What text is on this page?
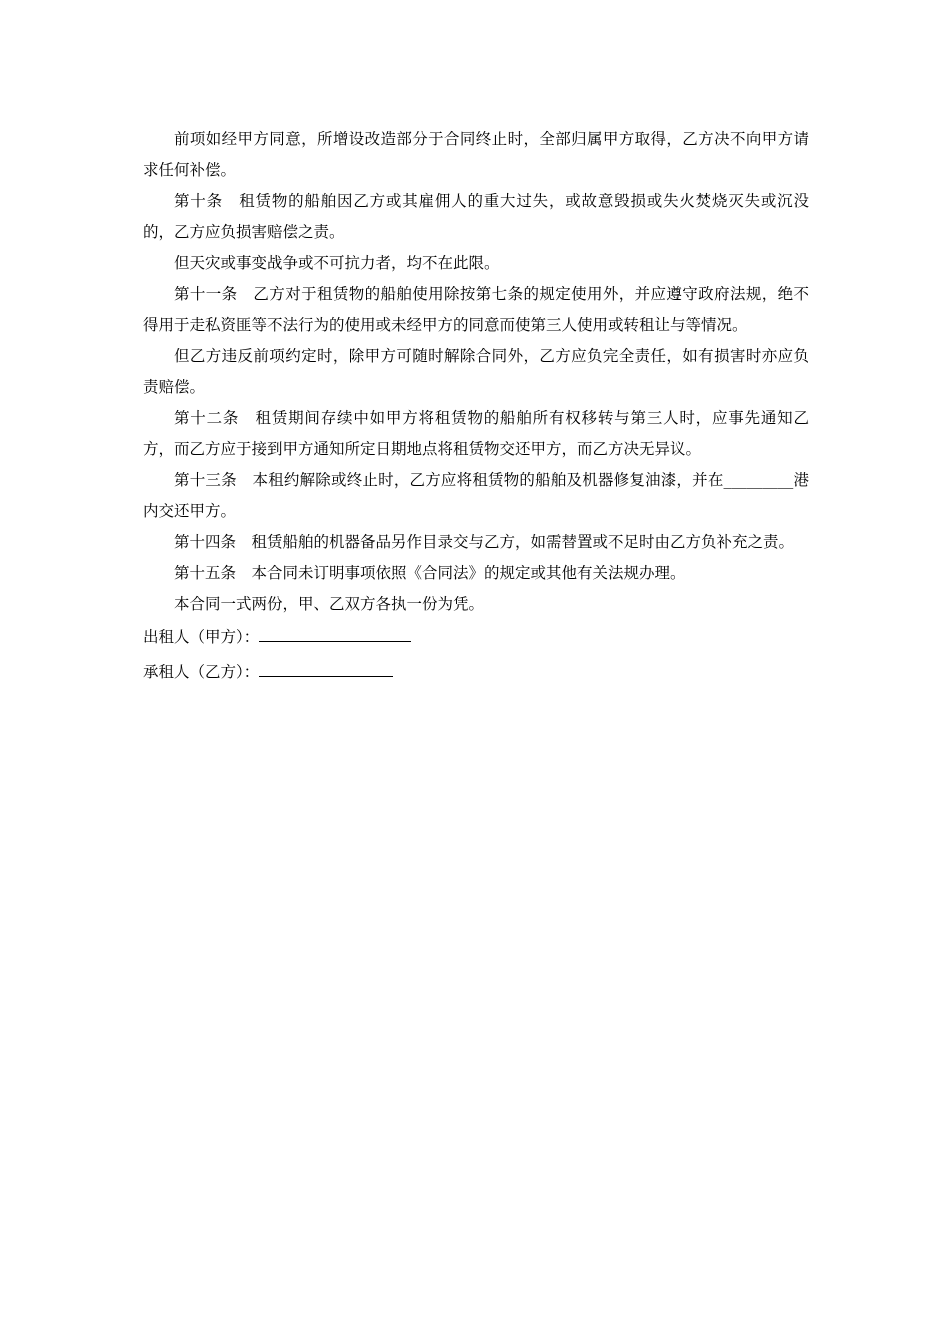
前项如经甲方同意，所增设改造部分于合同终止时，全部归属甲方取得，乙方决不向甲方请求任何补偿。

第十条　租赁物的船舶因乙方或其雇佣人的重大过失，或故意毁损或失火焚烧灭失或沉没的，乙方应负损害赔偿之责。

但天灾或事变战争或不可抗力者，均不在此限。

第十一条　乙方对于租赁物的船舶使用除按第七条的规定使用外，并应遵守政府法规，绝不得用于走私资匪等不法行为的使用或未经甲方的同意而使第三人使用或转租让与等情况。

但乙方违反前项约定时，除甲方可随时解除合同外，乙方应负完全责任，如有损害时亦应负责赔偿。

第十二条　租赁期间存续中如甲方将租赁物的船舶所有权移转与第三人时，应事先通知乙方，而乙方应于接到甲方通知所定日期地点将租赁物交还甲方，而乙方决无异议。

第十三条　本租约解除或终止时，乙方应将租赁物的船舶及机器修复油漆，并在_________港内交还甲方。

第十四条　租赁船舶的机器备品另作目录交与乙方，如需替置或不足时由乙方负补充之责。

第十五条　本合同未订明事项依照《合同法》的规定或其他有关法规办理。

本合同一式两份，甲、乙双方各执一份为凭。

出租人（甲方）：

承租人（乙方）：
